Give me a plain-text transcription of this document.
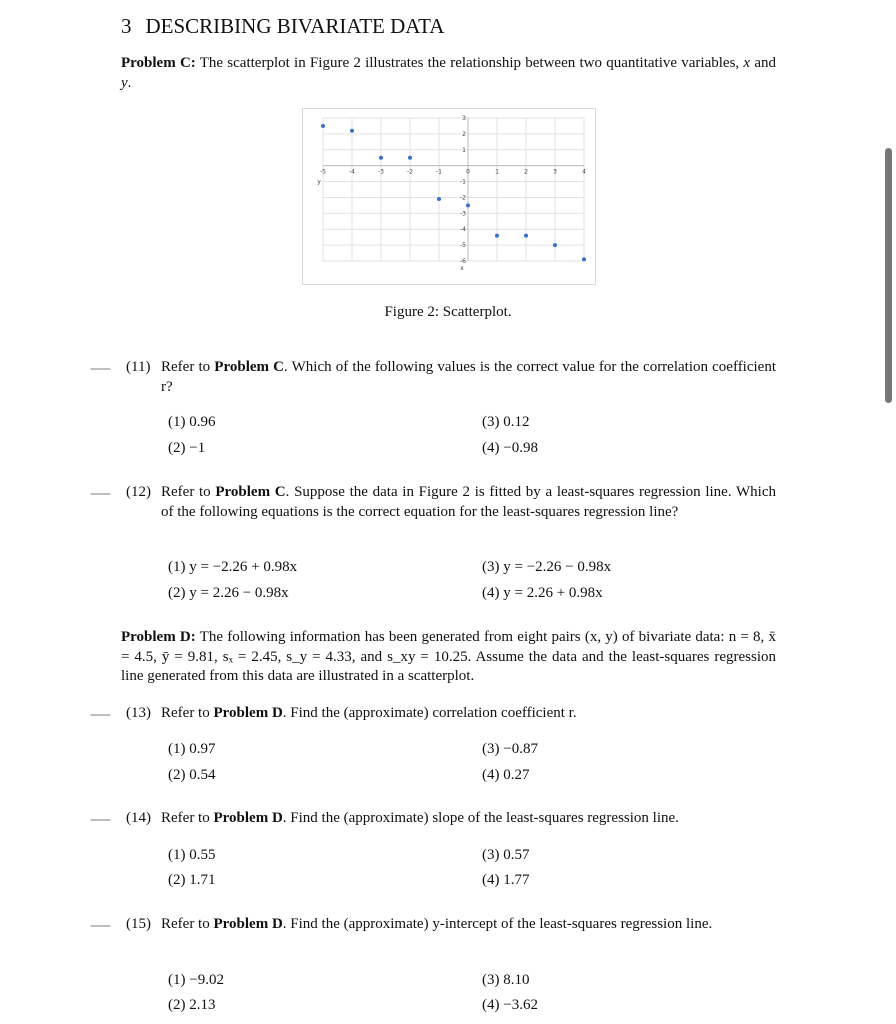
3 DESCRIBING BIVARIATE DATA
Problem C: The scatterplot in Figure 2 illustrates the relationship between two quantitative variables, x and y.
-5	-4	-3	-2	-1	0	1	2	3	4
3
2
1
-1
-2
-3
-4
-5
-6
y
x
Figure 2: Scatterplot.
------ (11) Refer to Problem C. Which of the following values is the correct value for the correlation coefficient r?
(1) 0.96	(3) 0.12
(2) −1	(4) −0.98
------ (12) Refer to Problem C. Suppose the data in Figure 2 is fitted by a least-squares regression line. Which of the following equations is the correct equation for the least-squares regression line?
(1) y = −2.26 + 0.98x	(3) y = −2.26 − 0.98x
(2) y = 2.26 − 0.98x	(4) y = 2.26 + 0.98x
Problem D: The following information has been generated from eight pairs (x, y) of bivariate data: n = 8, x̄ = 4.5, ȳ = 9.81, sₓ = 2.45, s_y = 4.33, and s_xy = 10.25. Assume the data and the least-squares regression line generated from this data are illustrated in a scatterplot.
------ (13) Refer to Problem D. Find the (approximate) correlation coefficient r.
(1) 0.97	(3) −0.87
(2) 0.54	(4) 0.27
------ (14) Refer to Problem D. Find the (approximate) slope of the least-squares regression line.
(1) 0.55	(3) 0.57
(2) 1.71	(4) 1.77
------ (15) Refer to Problem D. Find the (approximate) y-intercept of the least-squares regression line.
(1) −9.02	(3) 8.10
(2) 2.13	(4) −3.62
